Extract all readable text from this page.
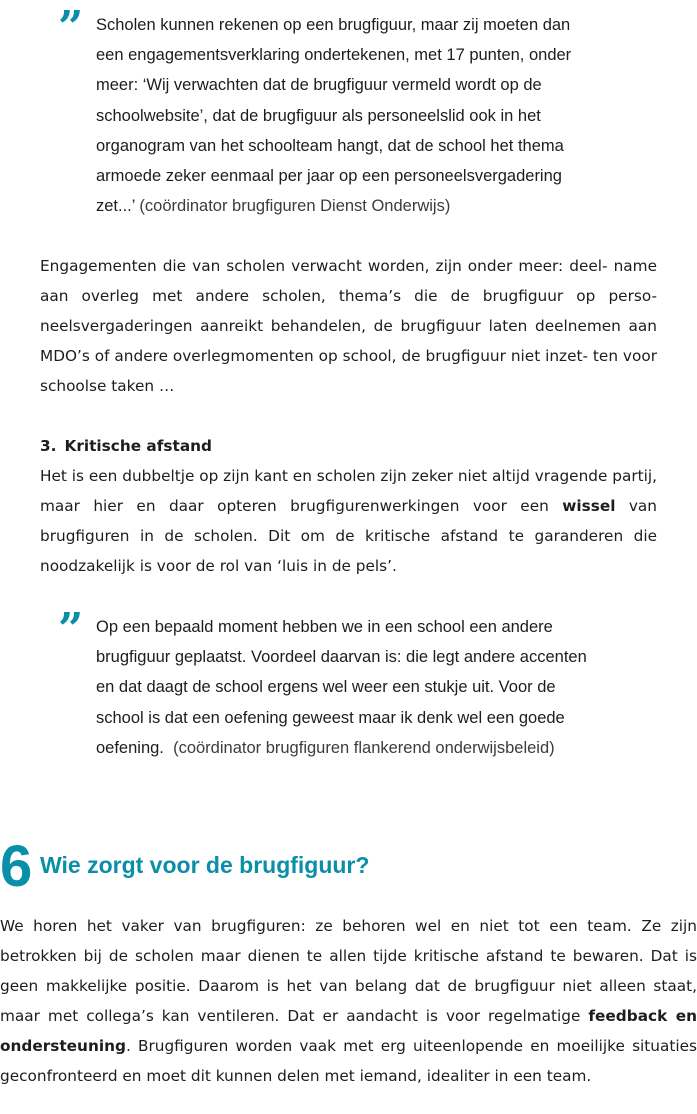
” Scholen kunnen rekenen op een brugfiguur, maar zij moeten dan
een engagementsverklaring ondertekenen, met 17 punten, onder
meer: ‘Wij verwachten dat de brugfiguur vermeld wordt op de
schoolwebsite’, dat de brugfiguur als personeelslid ook in het
organogram van het schoolteam hangt, dat de school het thema
armoede zeker eenmaal per jaar op een personeelsvergadering
zet...’ (coördinator brugfiguren Dienst Onderwijs)

Engagementen die van scholen verwacht worden, zijn onder meer: deel- name aan overleg met andere scholen, thema’s die de brugfiguur op perso- neelsvergaderingen aanreikt behandelen, de brugfiguur laten deelnemen aan MDO’s of andere overlegmomenten op school, de brugfiguur niet inzet- ten voor schoolse taken …

3. Kritische afstand

Het is een dubbeltje op zijn kant en scholen zijn zeker niet altijd vragende partij, maar hier en daar opteren brugfigurenwerkingen voor een wissel van brugfiguren in de scholen. Dit om de kritische afstand te garanderen die noodzakelijk is voor de rol van ‘luis in de pels’.

” Op een bepaald moment hebben we in een school een andere
brugfiguur geplaatst. Voordeel daarvan is: die legt andere accenten
en dat daagt de school ergens wel weer een stukje uit. Voor de
school is dat een oefening geweest maar ik denk wel een goede
oefening. (coördinator brugfiguren flankerend onderwijsbeleid)
6 Wie zorgt voor de brugfiguur?

We horen het vaker van brugfiguren: ze behoren wel en niet tot een team. Ze zijn betrokken bij de scholen maar dienen te allen tijde kritische afstand te bewaren. Dat is geen makkelijke positie. Daarom is het van belang dat de brugfiguur niet alleen staat, maar met collega’s kan ventileren. Dat er aandacht is voor regelmatige feedback en ondersteuning. Brugfiguren worden vaak met erg uiteenlopende en moeilijke situaties geconfronteerd en moet dit kunnen delen met iemand, idealiter in een team.
